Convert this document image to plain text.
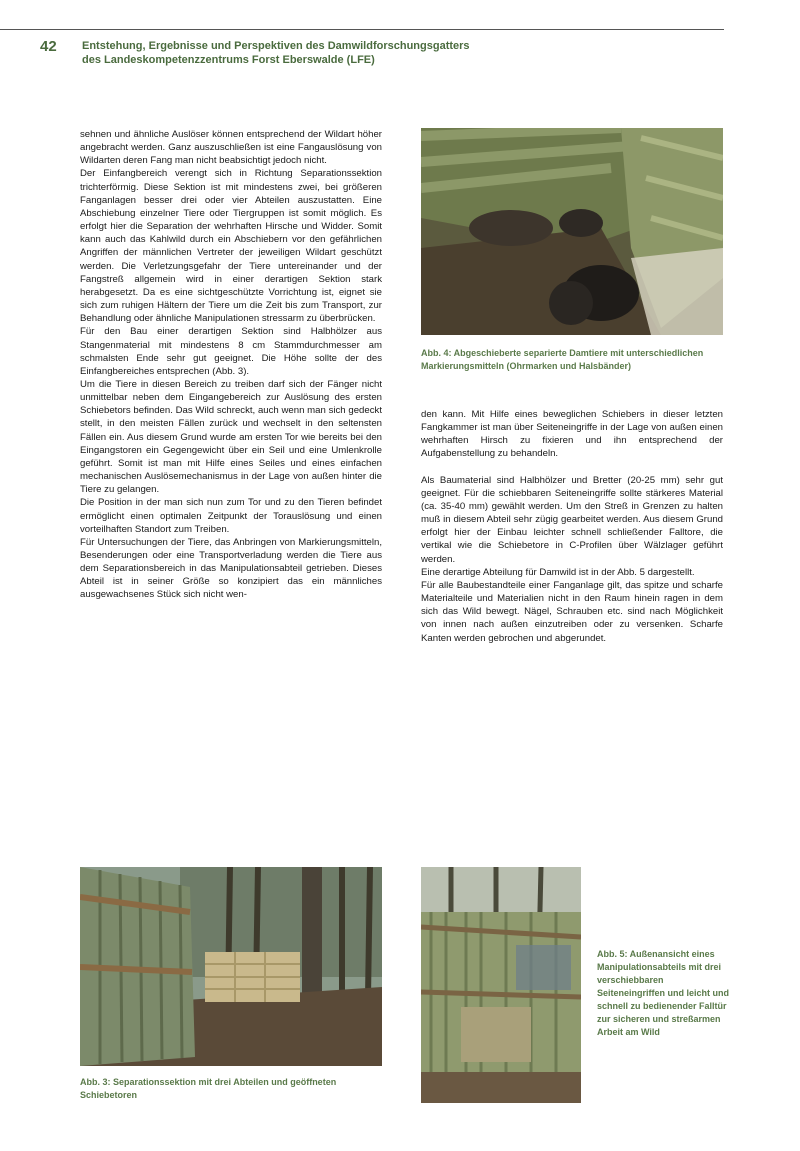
42 Entstehung, Ergebnisse und Perspektiven des Damwildforschungsgatters
des Landeskompetenzzentrums Forst Eberswalde (LFE)

sehnen und ähnliche Auslöser können entsprechend der Wildart höher angebracht werden. Ganz auszuschließen ist eine Fangauslösung von Wildarten deren Fang man nicht beabsichtigt jedoch nicht.

Der Einfangbereich verengt sich in Richtung Separationssektion trichterförmig. Diese Sektion ist mit mindestens zwei, bei größeren Fanganlagen besser drei oder vier Abteilen auszustatten. Eine Abschiebung einzelner Tiere oder Tiergruppen ist somit möglich. Es erfolgt hier die Separation der wehrhaften Hirsche und Widder. Somit kann auch das Kahlwild durch ein Abschiebern vor den gefährlichen Angriffen der männlichen Vertreter der jeweiligen Wildart geschützt werden. Die Verletzungsgefahr der Tiere untereinander und der Fangstreß allgemein wird in einer derartigen Sektion stark herabgesetzt. Da es eine sichtgeschützte Vorrichtung ist, eignet sie sich zum ruhigen Hältern der Tiere um die Zeit bis zum Transport, zur Behandlung oder ähnliche Manipulationen stressarm zu überbrücken.

Für den Bau einer derartigen Sektion sind Halbhölzer aus Stangenmaterial mit mindestens 8 cm Stammdurchmesser am schmalsten Ende sehr gut geeignet. Die Höhe sollte der des Einfangbereiches entsprechen (Abb. 3).

Um die Tiere in diesen Bereich zu treiben darf sich der Fänger nicht unmittelbar neben dem Eingangebereich zur Auslösung des ersten Schiebetors befinden. Das Wild schreckt, auch wenn man sich gedeckt stellt, in den meisten Fällen zurück und wechselt in den seltensten Fällen ein. Aus diesem Grund wurde am ersten Tor wie bereits bei den Eingangstoren ein Gegengewicht über ein Seil und eine Umlenkrolle geführt. Somit ist man mit Hilfe eines Seiles und eines einfachen mechanischen Auslösemechanismus in der Lage von außen hinter die Tiere zu gelangen.

Die Position in der man sich nun zum Tor und zu den Tieren befindet ermöglicht einen optimalen Zeitpunkt der Torauslösung und einen vorteilhaften Standort zum Treiben.

Für Untersuchungen der Tiere, das Anbringen von Markierungsmitteln, Besenderungen oder eine Transportverladung werden die Tiere aus dem Separationsbereich in das Manipulationsabteil getrieben. Dieses Abteil ist in seiner Größe so konzipiert das ein männliches ausgewachsenes Stück sich nicht wen-

Abb. 4: Abgeschieberte separierte Damtiere mit unterschiedlichen Markierungsmitteln (Ohrmarken und Halsbänder)

den kann. Mit Hilfe eines beweglichen Schiebers in dieser letzten Fangkammer ist man über Seiteneingriffe in der Lage von außen einen wehrhaften Hirsch zu fixieren und ihn entsprechend der Aufgabenstellung zu behandeln.

Als Baumaterial sind Halbhölzer und Bretter (20-25 mm) sehr gut geeignet. Für die schiebbaren Seiteneingriffe sollte stärkeres Material (ca. 35-40 mm) gewählt werden. Um den Streß in Grenzen zu halten muß in diesem Abteil sehr zügig gearbeitet werden. Aus diesem Grund erfolgt hier der Einbau leichter schnell schließender Falltore, die vertikal wie die Schiebetore in C-Profilen über Wälzlager geführt werden.

Eine derartige Abteilung für Damwild ist in der Abb. 5 dargestellt.

Für alle Baubestandteile einer Fanganlage gilt, das spitze und scharfe Materialteile und Materialien nicht in den Raum hinein ragen in dem sich das Wild bewegt. Nägel, Schrauben etc. sind nach Möglichkeit von innen nach außen einzutreiben oder zu versenken. Scharfe Kanten werden gebrochen und abgerundet.

Abb. 3: Separationssektion mit drei Abteilen und geöffneten Schiebetoren
Abb. 5: Außenansicht eines Manipulationsabteils mit drei verschiebbaren Seiteneingriffen und leicht und schnell zu bedienender Falltür zur sicheren und streßarmen Arbeit am Wild
